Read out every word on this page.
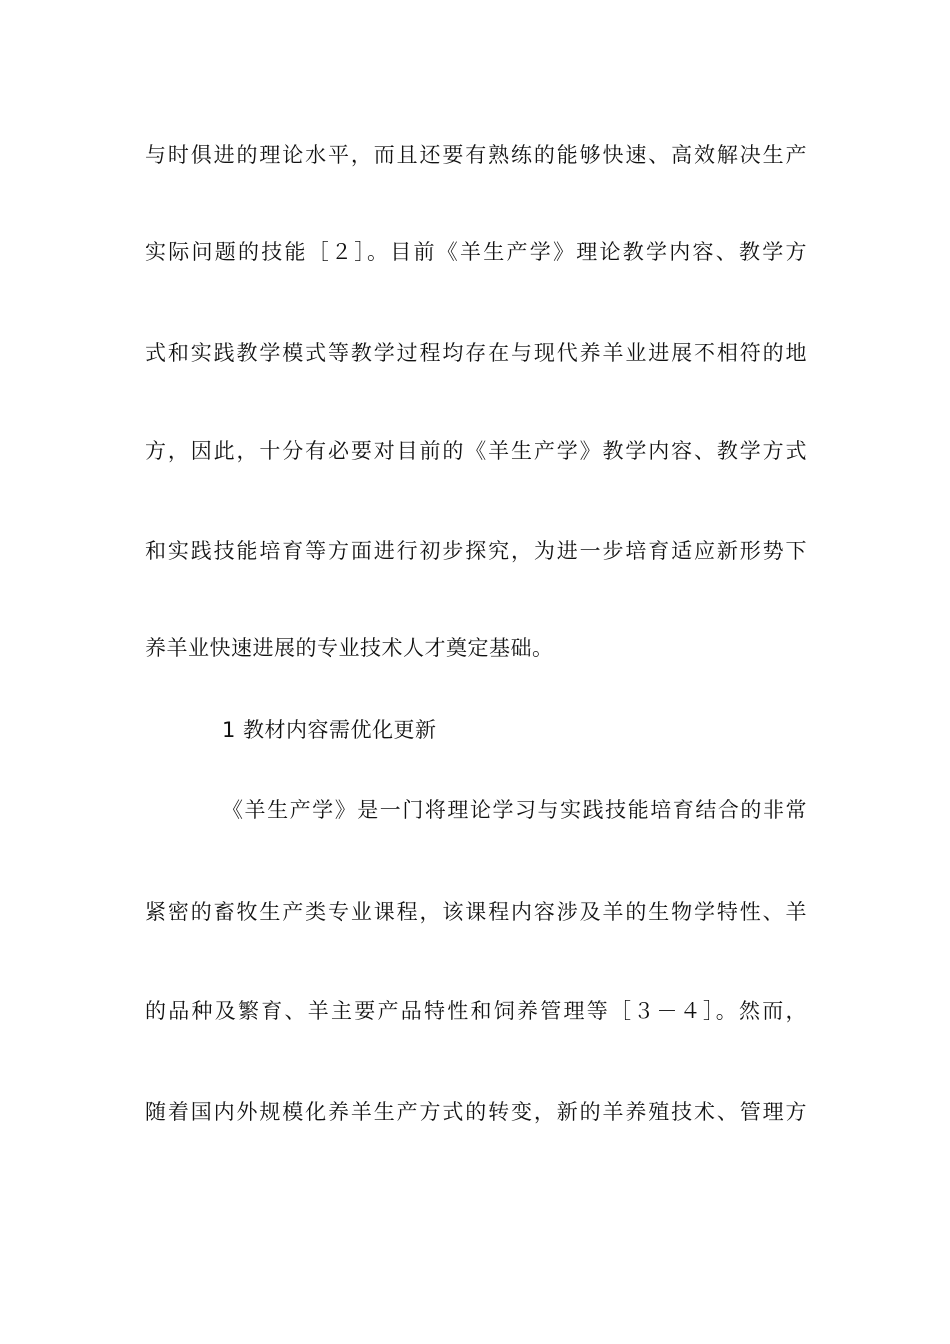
与时俱进的理论水平，而且还要有熟练的能够快速、高效解决生产
实际问题的技能［２］。目前《羊生产学》理论教学内容、教学方
式和实践教学模式等教学过程均存在与现代养羊业进展不相符的地
方，因此，十分有必要对目前的《羊生产学》教学内容、教学方式
和实践技能培育等方面进行初步探究，为进一步培育适应新形势下
养羊业快速进展的专业技术人才奠定基础。
1 教材内容需优化更新
《羊生产学》是一门将理论学习与实践技能培育结合的非常
紧密的畜牧生产类专业课程，该课程内容涉及羊的生物学特性、羊
的品种及繁育、羊主要产品特性和饲养管理等［３－４］。然而，
随着国内外规模化养羊生产方式的转变，新的羊养殖技术、管理方
